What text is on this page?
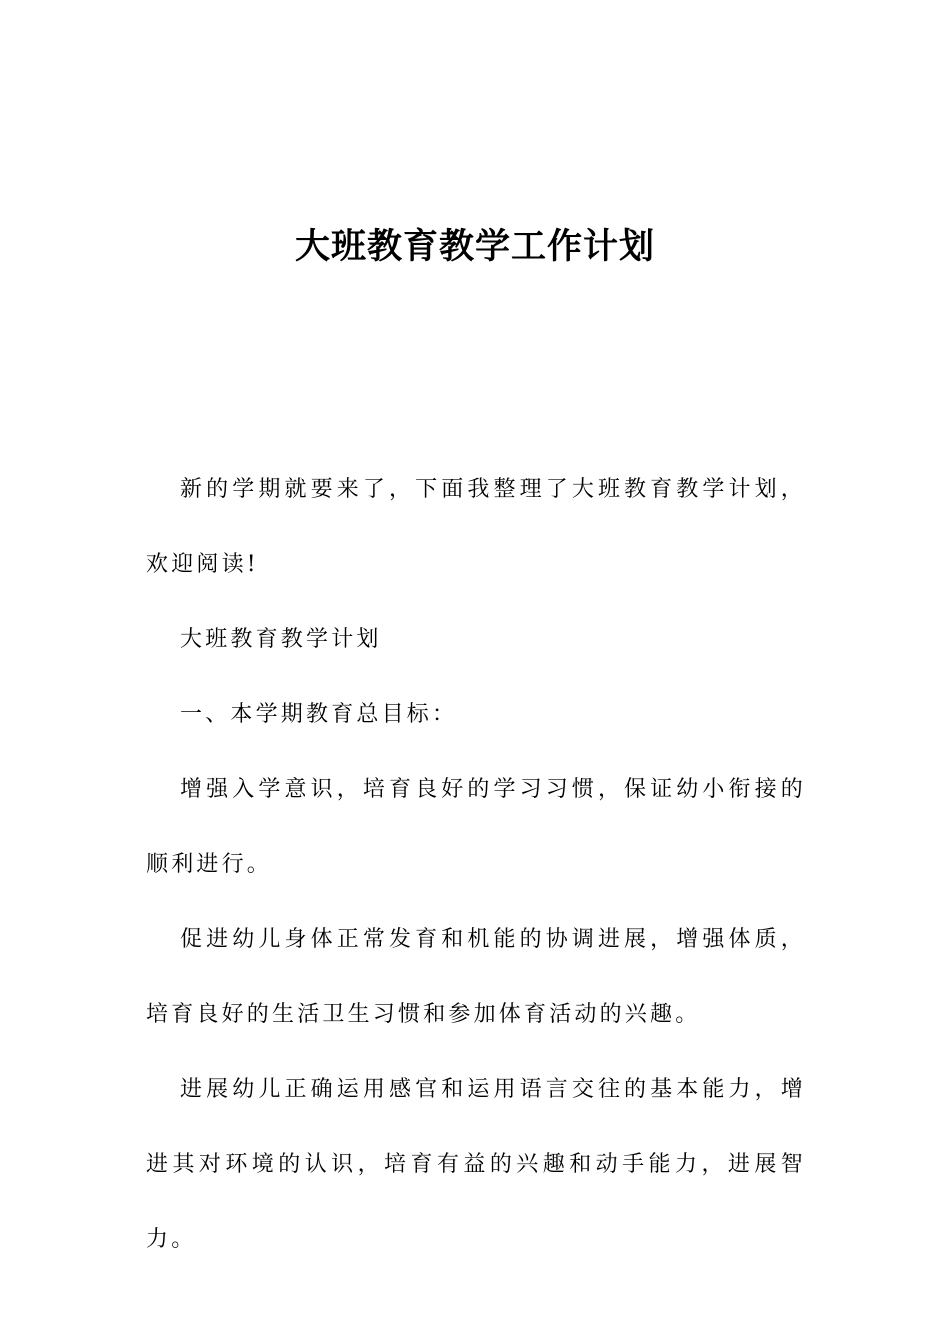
大班教育教学工作计划

新的学期就要来了，下面我整理了大班教育教学计划，欢迎阅读!

大班教育教学计划

一、本学期教育总目标：

增强入学意识，培育良好的学习习惯，保证幼小衔接的顺利进行。

促进幼儿身体正常发育和机能的协调进展，增强体质，培育良好的生活卫生习惯和参加体育活动的兴趣。

进展幼儿正确运用感官和运用语言交往的基本能力，增进其对环境的认识，培育有益的兴趣和动手能力，进展智力。
